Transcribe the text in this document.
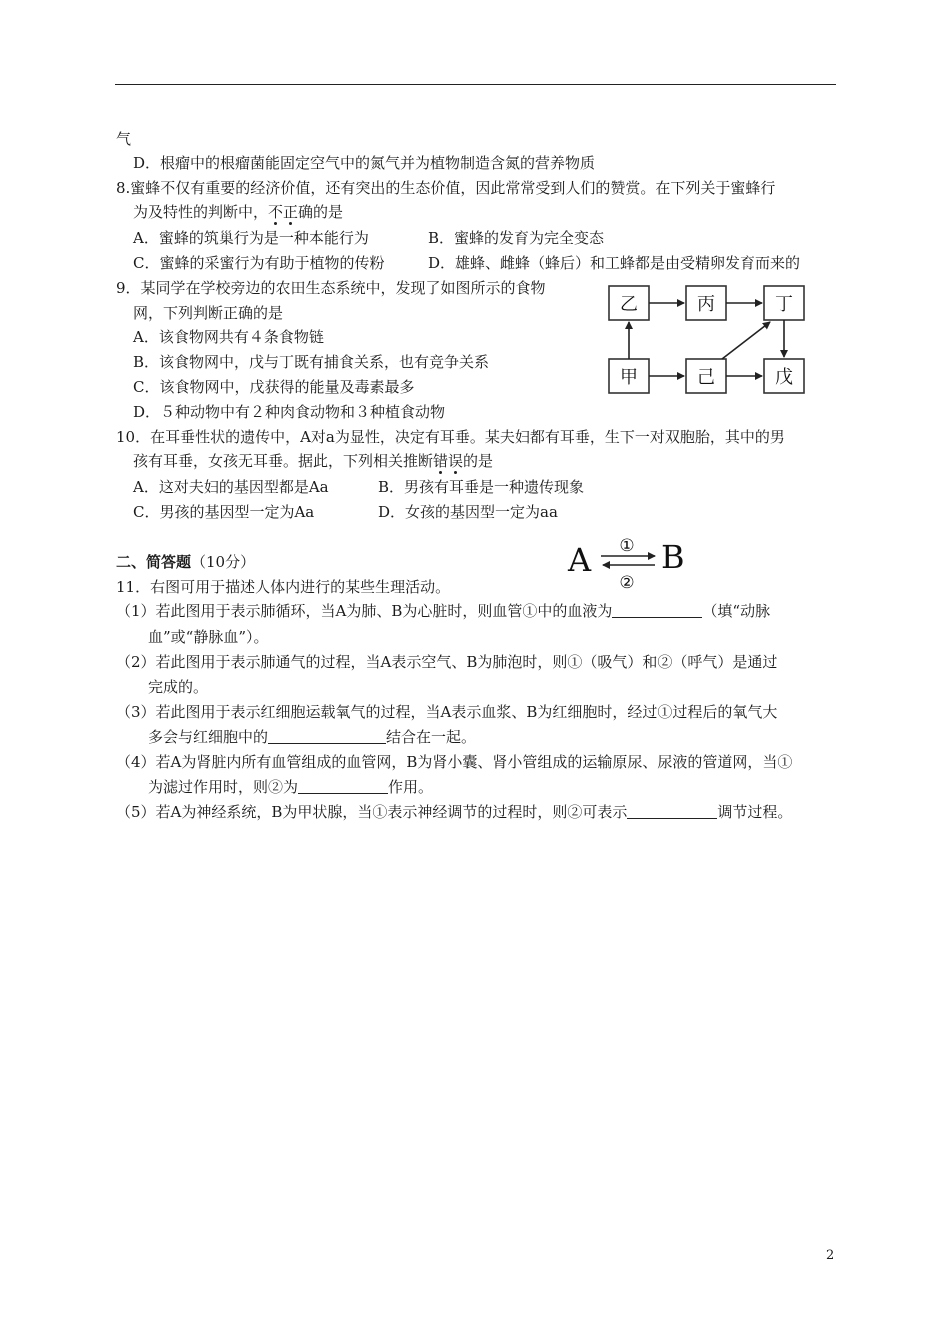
气
D．根瘤中的根瘤菌能固定空气中的氮气并为植物制造含氮的营养物质
8.蜜蜂不仅有重要的经济价值，还有突出的生态价值，因此常常受到人们的赞赏。在下列关于蜜蜂行
为及特性的判断中，不正确的是
A．蜜蜂的筑巢行为是一种本能行为	B．蜜蜂的发育为完全变态
C．蜜蜂的采蜜行为有助于植物的传粉	D．雄蜂、雌蜂（蜂后）和工蜂都是由受精卵发育而来的
9．某同学在学校旁边的农田生态系统中，发现了如图所示的食物
网，下列判断正确的是
A．该食物网共有４条食物链
B．该食物网中，戊与丁既有捕食关系，也有竞争关系
C．该食物网中，戊获得的能量及毒素最多
D．５种动物中有２种肉食动物和３种植食动物
乙	丙	丁
甲	己	戊
10．在耳垂性状的遗传中，A对a为显性，决定有耳垂。某夫妇都有耳垂，生下一对双胞胎，其中的男
孩有耳垂，女孩无耳垂。据此，下列相关推断错误的是
A．这对夫妇的基因型都是Aa	B．男孩有耳垂是一种遗传现象
C．男孩的基因型一定为Aa	D．女孩的基因型一定为aa
二、简答题（10分）	A B
①
②
11．右图可用于描述人体内进行的某些生理活动。
（1）若此图用于表示肺循环，当A为肺、B为心脏时，则血管①中的血液为	（填“动脉
血”或“静脉血”）。
（2）若此图用于表示肺通气的过程，当A表示空气、B为肺泡时，则①（吸气）和②（呼气）是通过
完成的。
（3）若此图用于表示红细胞运载氧气的过程，当A表示血浆、B为红细胞时，经过①过程后的氧气大
多会与红细胞中的	结合在一起。
（4）若A为肾脏内所有血管组成的血管网，B为肾小囊、肾小管组成的运输原尿、尿液的管道网，当①
为滤过作用时，则②为	作用。
（5）若A为神经系统，B为甲状腺，当①表示神经调节的过程时，则②可表示	调节过程。
2
